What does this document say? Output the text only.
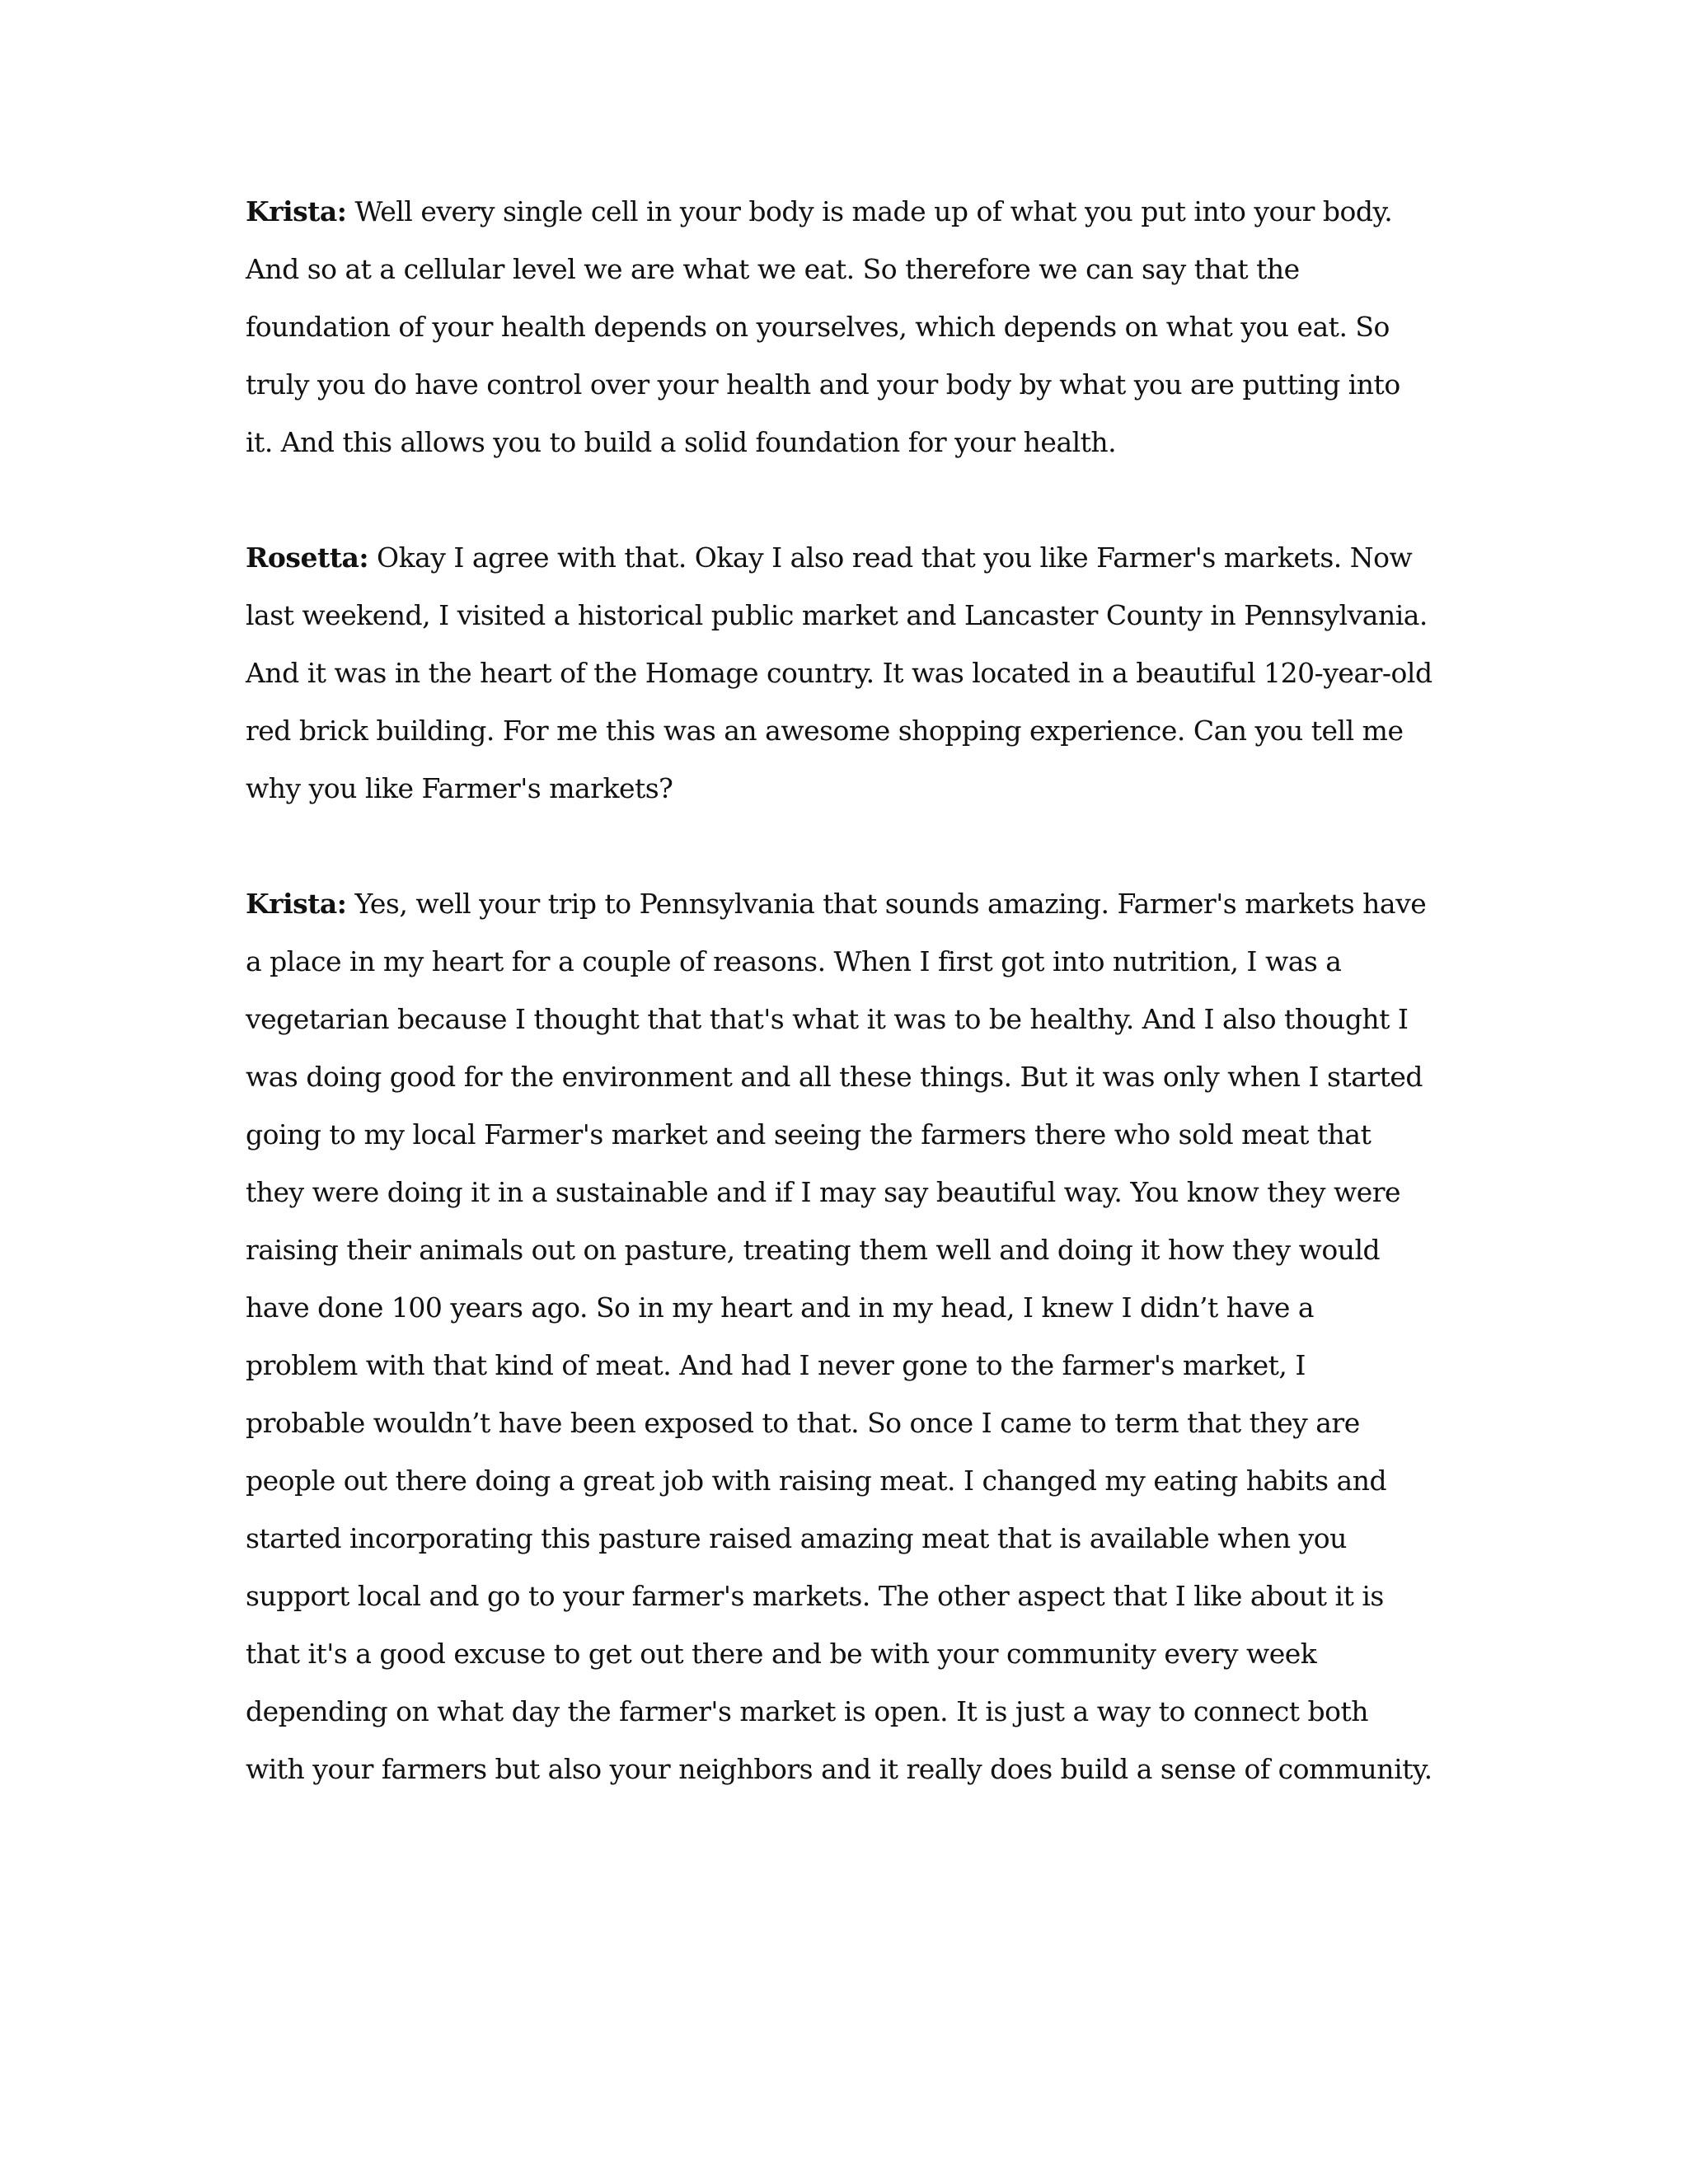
Krista: Well every single cell in your body is made up of what you put into your body. And so at a cellular level we are what we eat. So therefore we can say that the foundation of your health depends on yourselves, which depends on what you eat. So truly you do have control over your health and your body by what you are putting into it. And this allows you to build a solid foundation for your health.

Rosetta: Okay I agree with that. Okay I also read that you like Farmer's markets. Now last weekend, I visited a historical public market and Lancaster County in Pennsylvania. And it was in the heart of the Homage country. It was located in a beautiful 120-year-old red brick building. For me this was an awesome shopping experience. Can you tell me why you like Farmer's markets?

Krista: Yes, well your trip to Pennsylvania that sounds amazing. Farmer's markets have a place in my heart for a couple of reasons. When I first got into nutrition, I was a vegetarian because I thought that that's what it was to be healthy. And I also thought I was doing good for the environment and all these things. But it was only when I started going to my local Farmer's market and seeing the farmers there who sold meat that they were doing it in a sustainable and if I may say beautiful way. You know they were raising their animals out on pasture, treating them well and doing it how they would have done 100 years ago. So in my heart and in my head, I knew I didn’t have a problem with that kind of meat. And had I never gone to the farmer's market, I probable wouldn’t have been exposed to that. So once I came to term that they are people out there doing a great job with raising meat. I changed my eating habits and started incorporating this pasture raised amazing meat that is available when you support local and go to your farmer's markets. The other aspect that I like about it is that it's a good excuse to get out there and be with your community every week depending on what day the farmer's market is open. It is just a way to connect both with your farmers but also your neighbors and it really does build a sense of community.
